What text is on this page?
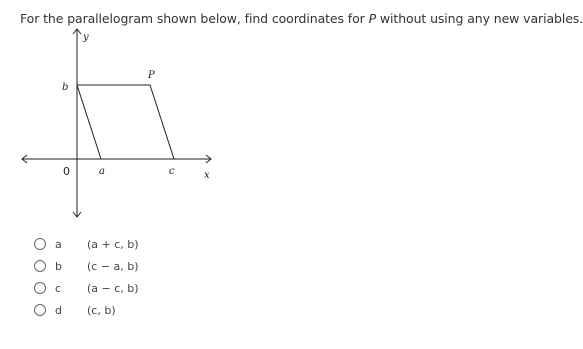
For the parallelogram shown below, find coordinates for P without using any new variables.
y
x
0	a
b
c
P
a	(a + c, b)
b	(c − a, b)
c	(a − c, b)
d	(c, b)
